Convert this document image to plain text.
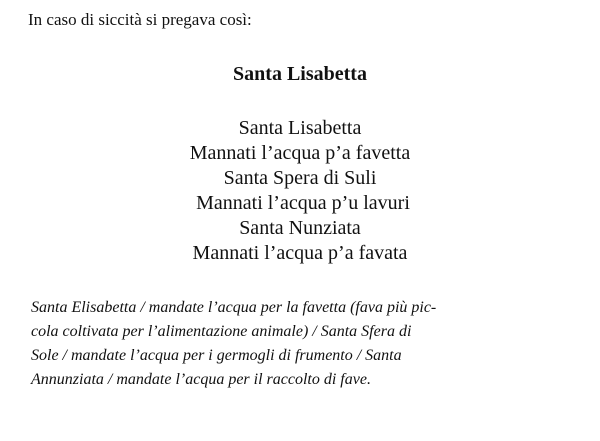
In caso di siccità si pregava così:
Santa Lisabetta
Santa Lisabetta
Mannati l’acqua p’a favetta
Santa Spera di Suli
Mannati l’acqua p’u lavuri
Santa Nunziata
Mannati l’acqua p’a favata

Santa Elisabetta / mandate l’acqua per la favetta (fava più pic-
cola coltivata per l’alimentazione animale) / Santa Sfera di
Sole / mandate l’acqua per i germogli di frumento / Santa
Annunziata / mandate l’acqua per il raccolto di fave.
